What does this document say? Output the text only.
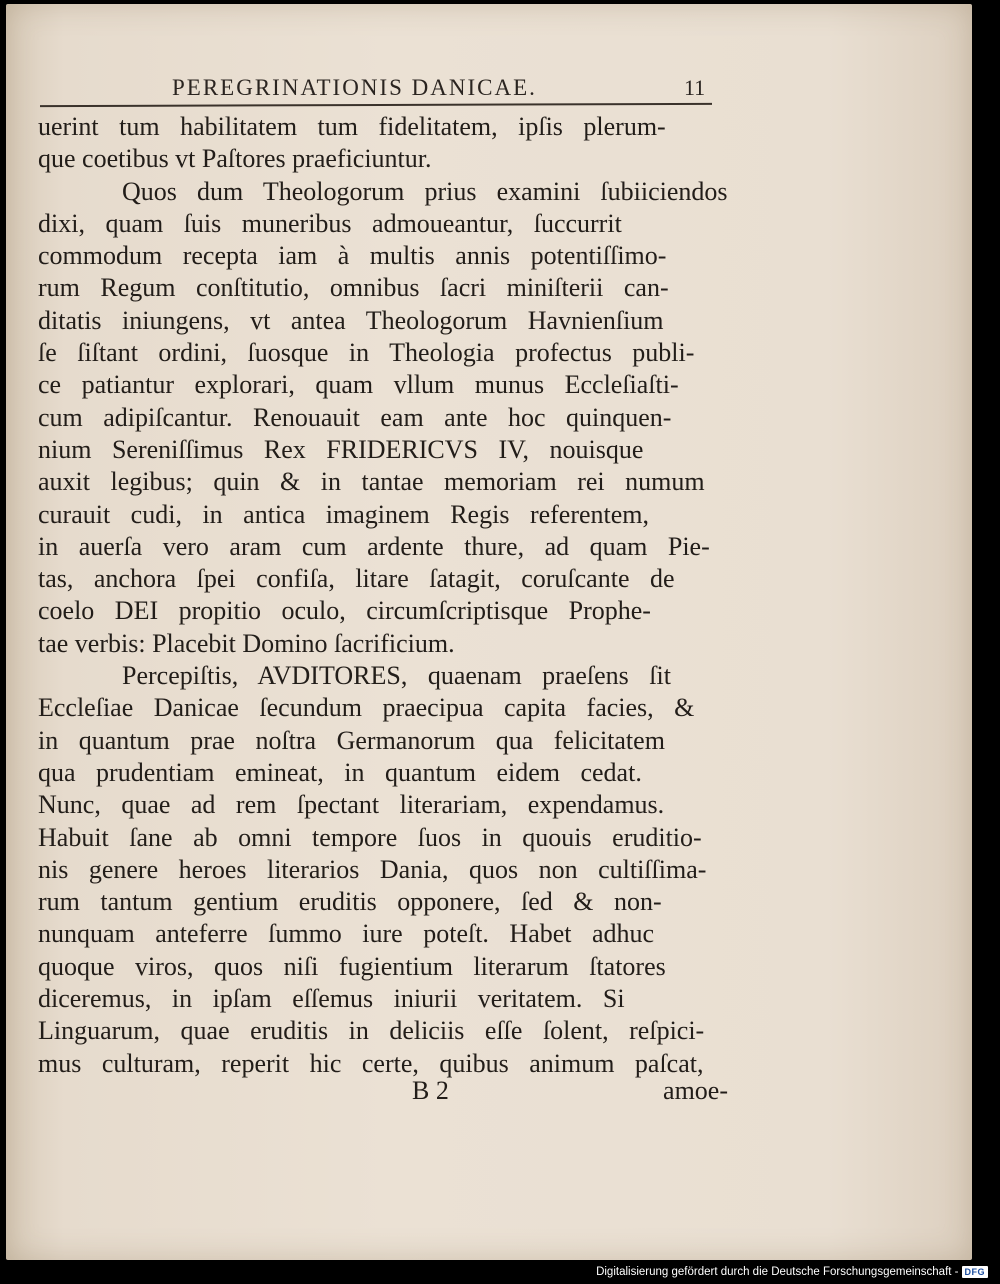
PEREGRINATIONIS DANICAE.	11
uerint tum habilitatem tum fidelitatem, ipſis plerum-
que coetibus vt Paſtores praeficiuntur.
Quos dum Theologorum prius examini ſubiiciendos
dixi, quam ſuis muneribus admoueantur, ſuccurrit
commodum recepta iam à multis annis potentiſſimo-
rum Regum conſtitutio, omnibus ſacri miniſterii can-
ditatis iniungens, vt antea Theologorum Havnienſium
ſe ſiſtant ordini, ſuosque in Theologia profectus publi-
ce patiantur explorari, quam vllum munus Eccleſiaſti-
cum adipiſcantur. Renouauit eam ante hoc quinquen-
nium Sereniſſimus Rex FRIDERICVS IV, nouisque
auxit legibus; quin & in tantae memoriam rei numum
curauit cudi, in antica imaginem Regis referentem,
in auerſa vero aram cum ardente thure, ad quam Pie-
tas, anchora ſpei confiſa, litare ſatagit, coruſcante de
coelo DEI propitio oculo, circumſcriptisque Prophe-
tae verbis: Placebit Domino ſacrificium.
Percepiſtis, AVDITORES, quaenam praeſens ſit
Eccleſiae Danicae ſecundum praecipua capita facies, &
in quantum prae noſtra Germanorum qua felicitatem
qua prudentiam emineat, in quantum eidem cedat.
Nunc, quae ad rem ſpectant literariam, expendamus.
Habuit ſane ab omni tempore ſuos in quouis eruditio-
nis genere heroes literarios Dania, quos non cultiſſima-
rum tantum gentium eruditis opponere, ſed & non-
nunquam anteferre ſummo iure poteſt. Habet adhuc
quoque viros, quos niſi fugientium literarum ſtatores
diceremus, in ipſam eſſemus iniurii veritatem. Si
Linguarum, quae eruditis in deliciis eſſe ſolent, reſpici-
mus culturam, reperit hic certe, quibus animum paſcat,
B 2	amoe-
Digitalisierung gefördert durch die Deutsche Forschungsgemeinschaft - DFG
